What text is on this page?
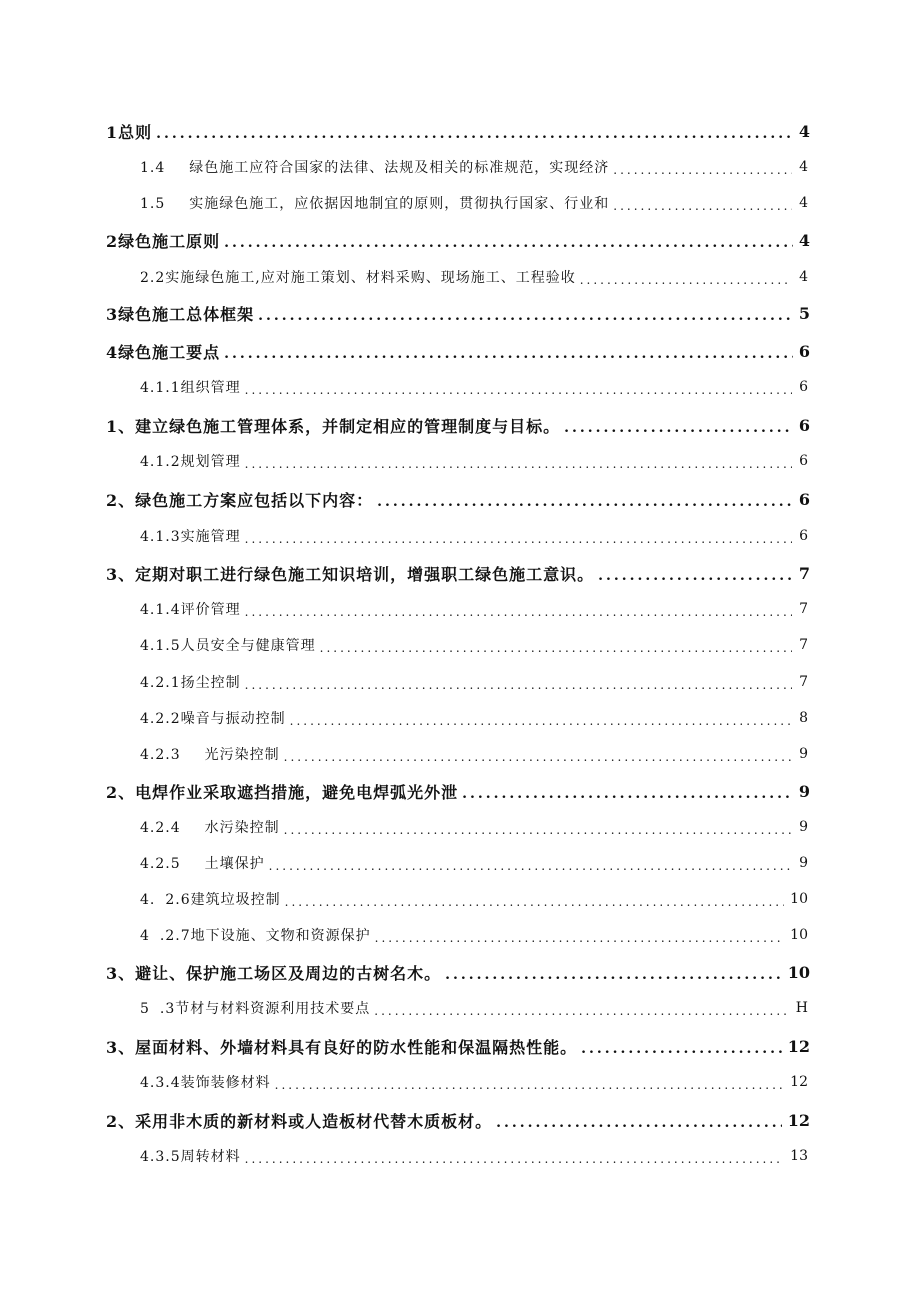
1总则 .....	4
1.4 绿色施工应符合国家的法律、法规及相关的标准规范，实现经济 .....	4
1.5 实施绿色施工，应依据因地制宜的原则，贯彻执行国家、行业和 .....	4
2绿色施工原则 .....	4
2.2实施绿色施工,应对施工策划、材料采购、现场施工、工程验收 .....	4
3绿色施工总体框架 .....	5
4绿色施工要点 .....	6
4.1.1组织管理 .....	6
1、建立绿色施工管理体系，并制定相应的管理制度与目标。 .....	6
4.1.2规划管理 .....	6
2、绿色施工方案应包括以下内容： .....	6
4.1.3实施管理 .....	6
3、定期对职工进行绿色施工知识培训，增强职工绿色施工意识。 .....	7
4.1.4评价管理 .....	7
4.1.5人员安全与健康管理 .....	7
4.2.1扬尘控制 .....	7
4.2.2噪音与振动控制 .....	8
4.2.3 光污染控制 .....	9
2、电焊作业采取遮挡措施，避免电焊弧光外泄 .....	9
4.2.4 水污染控制 .....	9
4.2.5 土壤保护 .....	9
4. 2.6建筑垃圾控制 .....	10
4 .2.7地下设施、文物和资源保护 .....	10
3、避让、保护施工场区及周边的古树名木。 .....	10
5 .3节材与材料资源利用技术要点 .....	H
3、屋面材料、外墙材料具有良好的防水性能和保温隔热性能。 .....	12
4.3.4装饰装修材料 .....	12
2、采用非木质的新材料或人造板材代替木质板材。 .....	12
4.3.5周转材料 .....	13
